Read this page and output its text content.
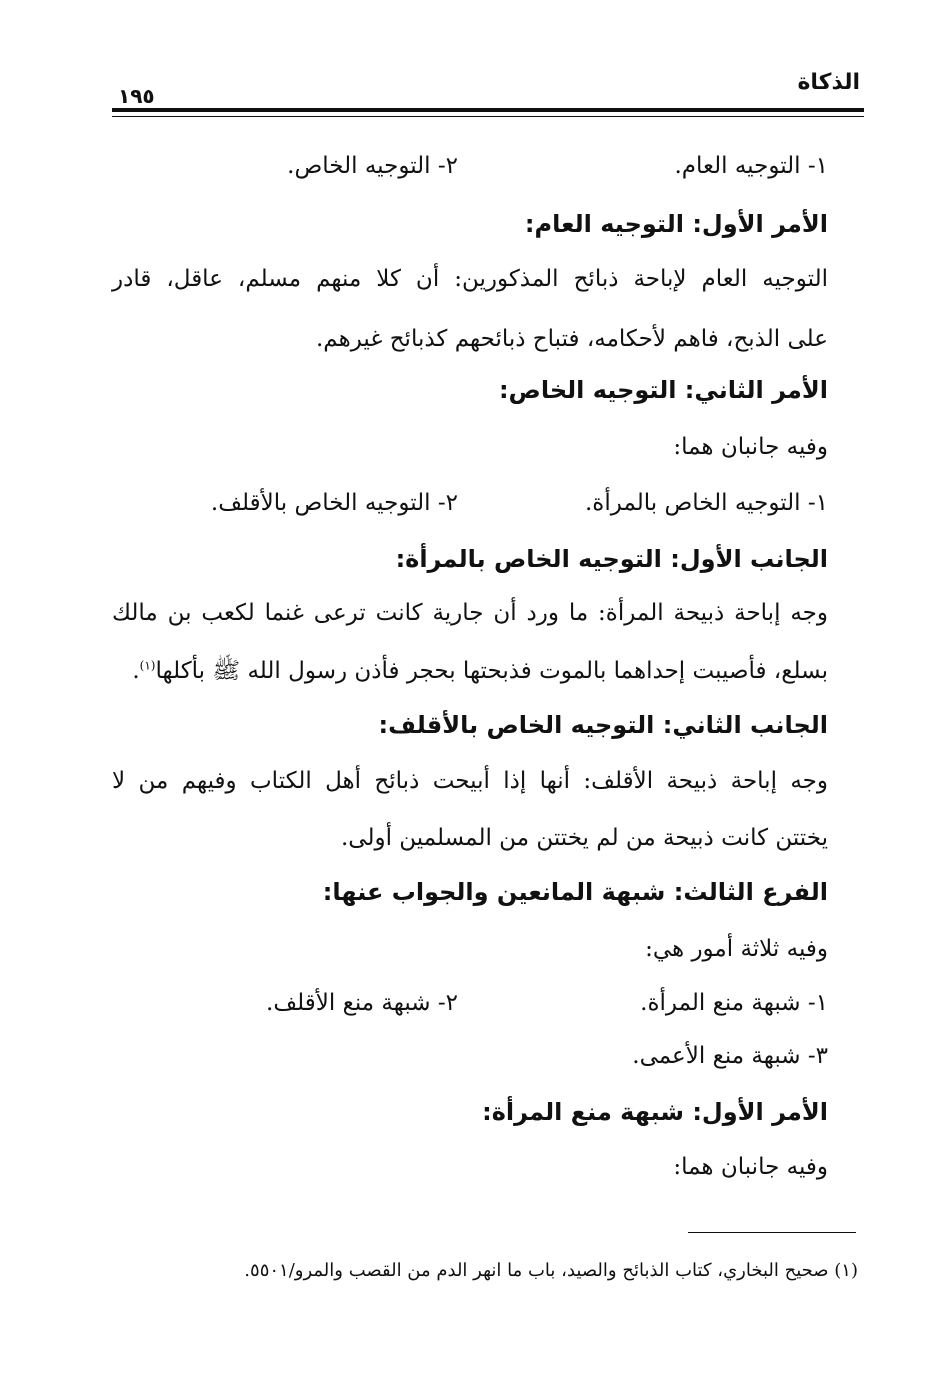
الذكاة
١٩٥
١- التوجيه العام.
٢- التوجيه الخاص.
الأمر الأول: التوجيه العام:
التوجيه العام لإباحة ذبائح المذكورين: أن كلا منهم مسلم، عاقل، قادر
على الذبح، فاهم لأحكامه، فتباح ذبائحهم كذبائح غيرهم.
الأمر الثاني: التوجيه الخاص:
وفيه جانبان هما:
١- التوجيه الخاص بالمرأة.
٢- التوجيه الخاص بالأقلف.
الجانب الأول: التوجيه الخاص بالمرأة:
وجه إباحة ذبيحة المرأة: ما ورد أن جارية كانت ترعى غنما لكعب بن مالك
بسلع، فأصيبت إحداهما بالموت فذبحتها بحجر فأذن رسول الله ﷺ بأكلها$^{(١)}$.
الجانب الثاني: التوجيه الخاص بالأقلف:
وجه إباحة ذبيحة الأقلف: أنها إذا أبيحت ذبائح أهل الكتاب وفيهم من لا
يختتن كانت ذبيحة من لم يختتن من المسلمين أولى.
الفرع الثالث: شبهة المانعين والجواب عنها:
وفيه ثلاثة أمور هي:
١- شبهة منع المرأة.
٢- شبهة منع الأقلف.
٣- شبهة منع الأعمى.
الأمر الأول: شبهة منع المرأة:
وفيه جانبان هما:
(١) صحيح البخاري، كتاب الذبائح والصيد، باب ما انهر الدم من القصب والمرو/٥٥٠١.
